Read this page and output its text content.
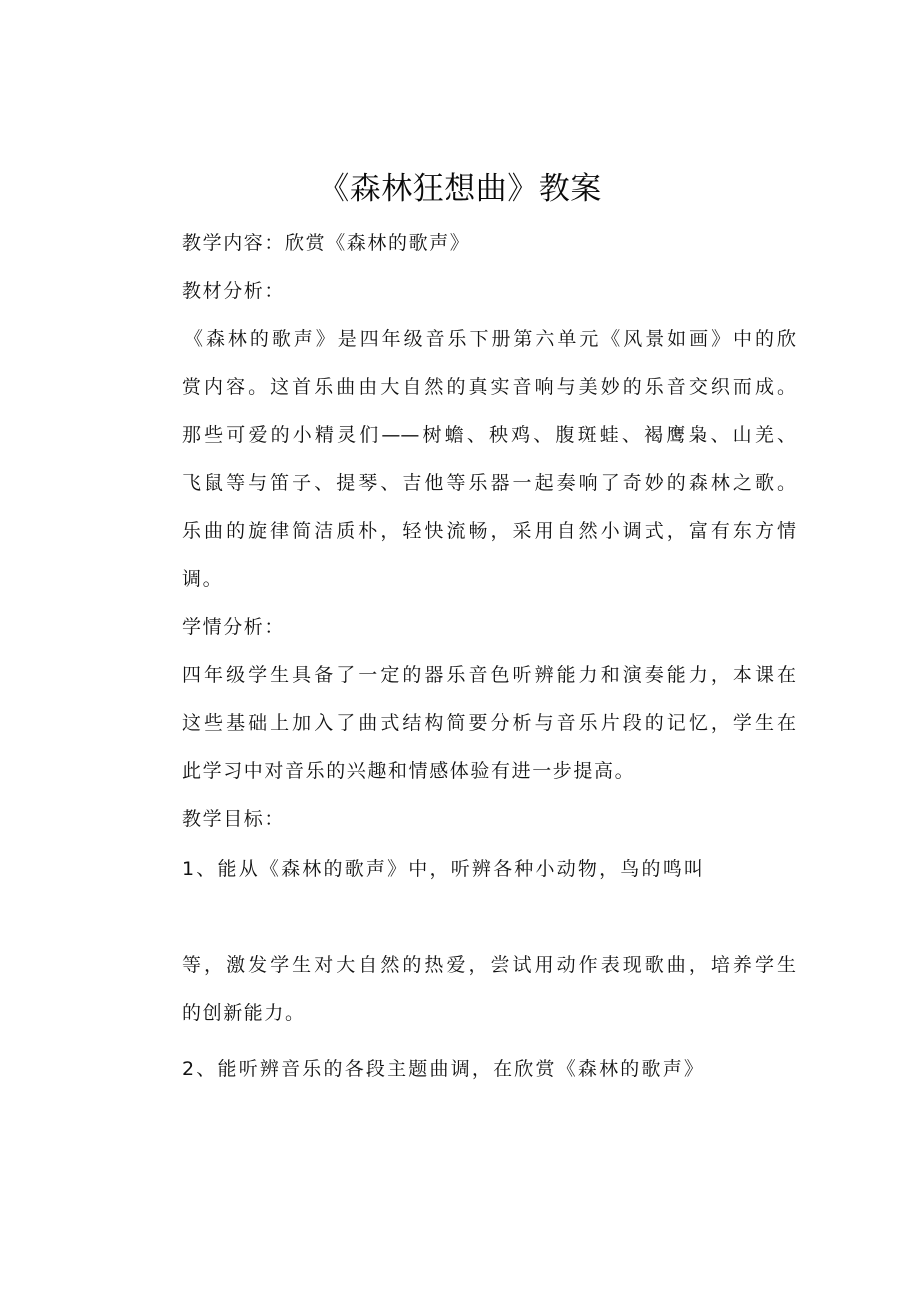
《森林狂想曲》教案
教学内容：欣赏《森林的歌声》
教材分析：
《森林的歌声》是四年级音乐下册第六单元《风景如画》中的欣
赏内容。这首乐曲由大自然的真实音响与美妙的乐音交织而成。
那些可爱的小精灵们——树蟾、秧鸡、腹斑蛙、褐鹰枭、山羌、
飞鼠等与笛子、提琴、吉他等乐器一起奏响了奇妙的森林之歌。
乐曲的旋律简洁质朴，轻快流畅，采用自然小调式，富有东方情
调。
学情分析：
四年级学生具备了一定的器乐音色听辨能力和演奏能力，本课在
这些基础上加入了曲式结构简要分析与音乐片段的记忆，学生在
此学习中对音乐的兴趣和情感体验有进一步提高。
教学目标：
1、能从《森林的歌声》中，听辨各种小动物，鸟的鸣叫
等，激发学生对大自然的热爱，尝试用动作表现歌曲，培养学生
的创新能力。
2、能听辨音乐的各段主题曲调，在欣赏《森林的歌声》
